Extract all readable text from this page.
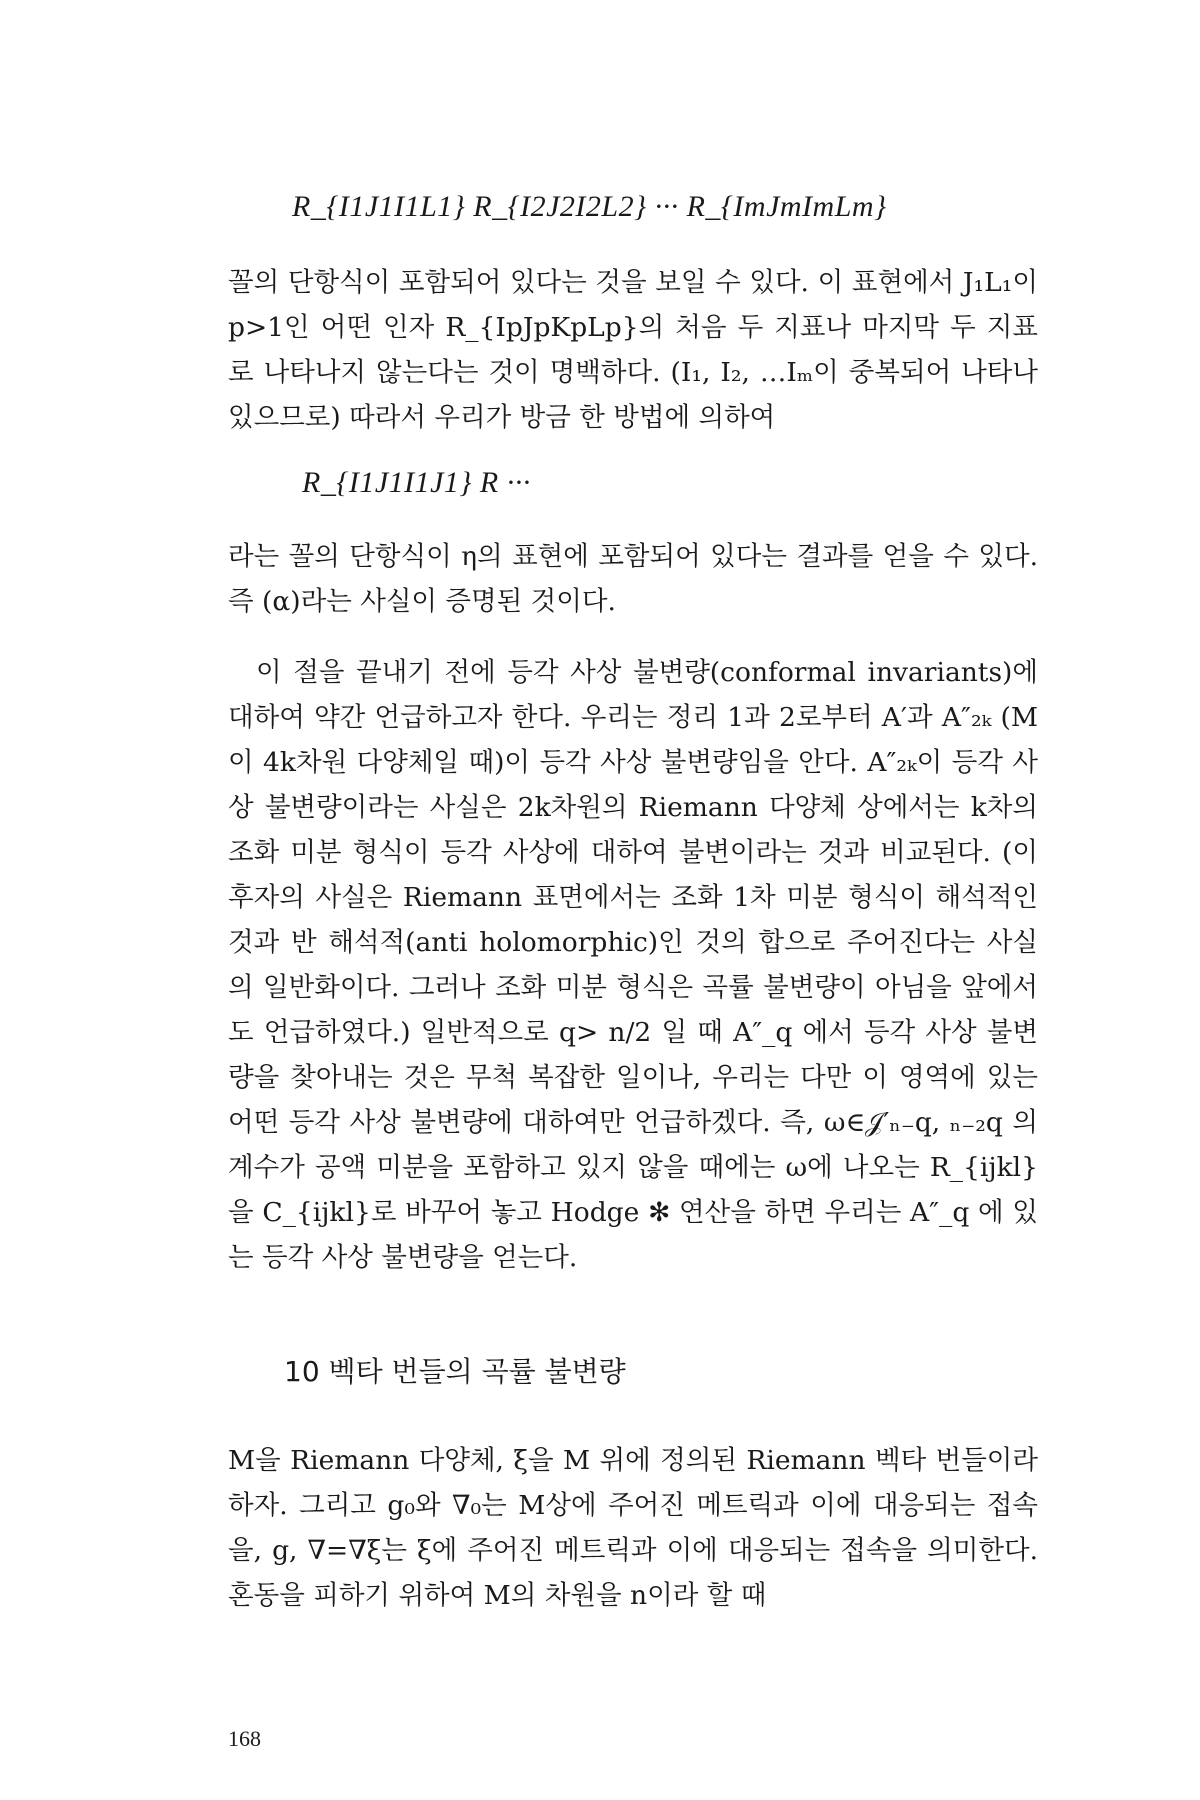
R_{I1J1I1L1} R_{I2J2I2L2} ··· R_{ImJmImLm}

꼴의 단항식이 포함되어 있다는 것을 보일 수 있다. 이 표현에서 J₁L₁이 p>1인 어떤 인자 R_{IpJpKpLp}의 처음 두 지표나 마지막 두 지표로 나타나지 않는다는 것이 명백하다. (I₁, I₂, …Iₘ이 중복되어 나타나 있으므로) 따라서 우리가 방금 한 방법에 의하여

R_{I1J1I1J1} R ···

라는 꼴의 단항식이 η의 표현에 포함되어 있다는 결과를 얻을 수 있다. 즉 (α)라는 사실이 증명된 것이다.

이 절을 끝내기 전에 등각 사상 불변량(conformal invariants)에 대하여 약간 언급하고자 한다. 우리는 정리 1과 2로부터 A′과 A″₂ₖ (M이 4k차원 다양체일 때)이 등각 사상 불변량임을 안다. A″₂ₖ이 등각 사상 불변량이라는 사실은 2k차원의 Riemann 다양체 상에서는 k차의 조화 미분 형식이 등각 사상에 대하여 불변이라는 것과 비교된다. (이 후자의 사실은 Riemann 표면에서는 조화 1차 미분 형식이 해석적인 것과 반 해석적(anti holomorphic)인 것의 합으로 주어진다는 사실의 일반화이다. 그러나 조화 미분 형식은 곡률 불변량이 아님을 앞에서도 언급하였다.) 일반적으로 q> n/2 일 때 A″_q 에서 등각 사상 불변량을 찾아내는 것은 무척 복잡한 일이나, 우리는 다만 이 영역에 있는 어떤 등각 사상 불변량에 대하여만 언급하겠다. 즉, ω∈𝒥′ₙ₋q, ₙ₋₂q 의 계수가 공액 미분을 포함하고 있지 않을 때에는 ω에 나오는 R_{ijkl}을 C_{ijkl}로 바꾸어 놓고 Hodge ✻ 연산을 하면 우리는 A″_q 에 있는 등각 사상 불변량을 얻는다.

10 벡타 번들의 곡률 불변량

M을 Riemann 다양체, ξ을 M 위에 정의된 Riemann 벡타 번들이라 하자. 그리고 g₀와 ∇₀는 M상에 주어진 메트릭과 이에 대응되는 접속을, g, ∇=∇ξ는 ξ에 주어진 메트릭과 이에 대응되는 접속을 의미한다. 혼동을 피하기 위하여 M의 차원을 n이라 할 때

168
